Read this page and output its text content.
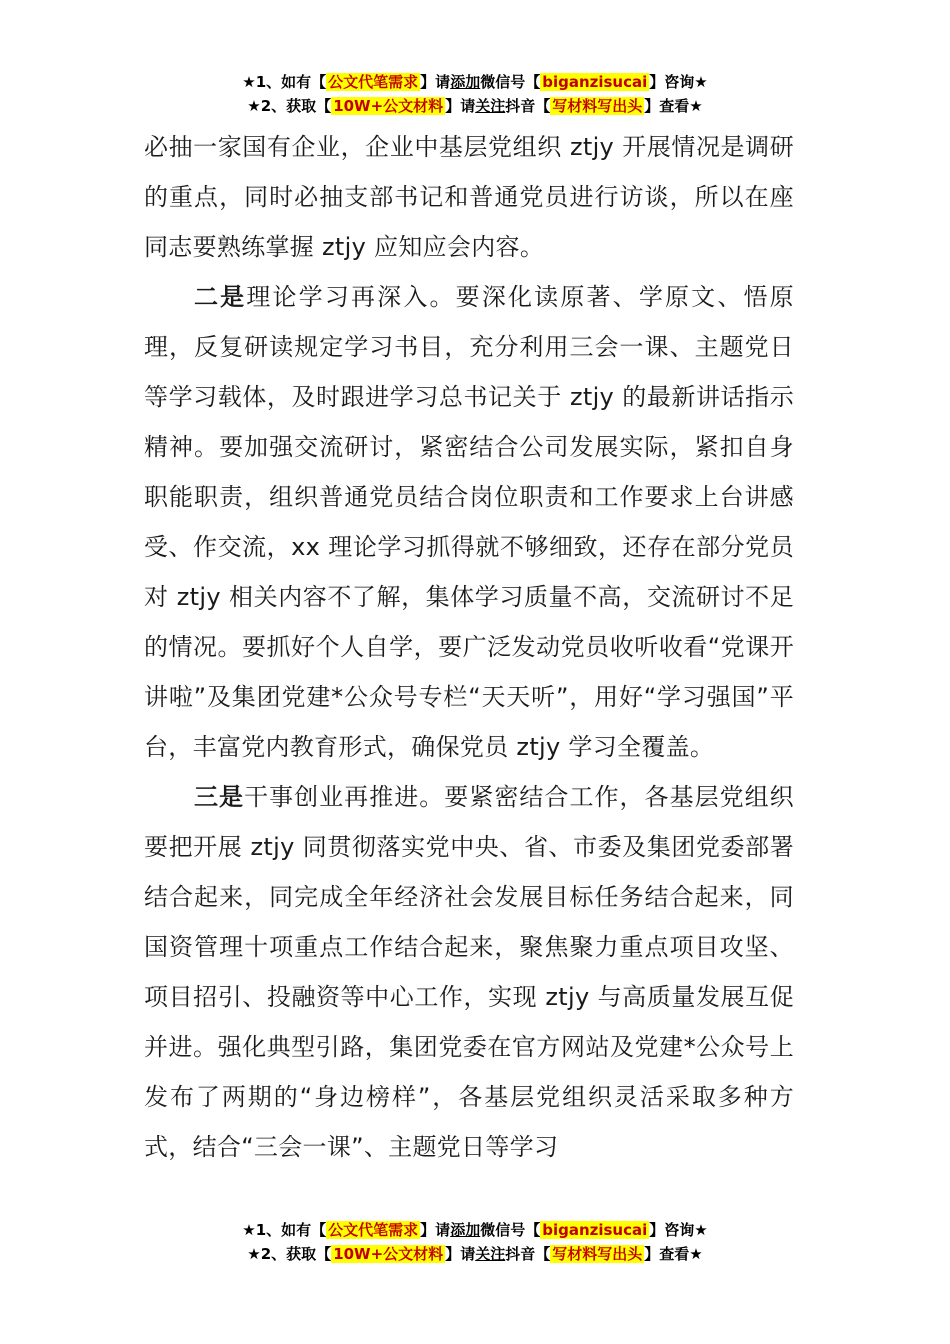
★1、如有【 公文代笔需求 】请添加微信号【 biganzisucai 】咨询★
★2、获取【 10W+公文材料 】请关注抖音【 写材料写出头 】查看★

必抽一家国有企业，企业中基层党组织 ztjy 开展情况是调研的重点，同时必抽支部书记和普通党员进行访谈，所以在座同志要熟练掌握 ztjy 应知应会内容。

二是理论学习再深入。要深化读原著、学原文、悟原理，反复研读规定学习书目，充分利用三会一课、主题党日等学习载体，及时跟进学习总书记关于 ztjy 的最新讲话指示精神。要加强交流研讨，紧密结合公司发展实际，紧扣自身职能职责，组织普通党员结合岗位职责和工作要求上台讲感受、作交流，xx 理论学习抓得就不够细致，还存在部分党员对 ztjy 相关内容不了解，集体学习质量不高，交流研讨不足的情况。要抓好个人自学，要广泛发动党员收听收看“党课开讲啦”及集团党建*公众号专栏“天天听”，用好“学习强国”平台，丰富党内教育形式，确保党员 ztjy 学习全覆盖。

三是干事创业再推进。要紧密结合工作，各基层党组织要把开展 ztjy 同贯彻落实党中央、省、市委及集团党委部署结合起来，同完成全年经济社会发展目标任务结合起来，同国资管理十项重点工作结合起来，聚焦聚力重点项目攻坚、项目招引、投融资等中心工作，实现 ztjy 与高质量发展互促并进。强化典型引路，集团党委在官方网站及党建*公众号上发布了两期的“身边榜样”，各基层党组织灵活采取多种方式，结合“三会一课”、主题党日等学习

★1、如有【 公文代笔需求 】请添加微信号【 biganzisucai 】咨询★
★2、获取【 10W+公文材料 】请关注抖音【 写材料写出头 】查看★
